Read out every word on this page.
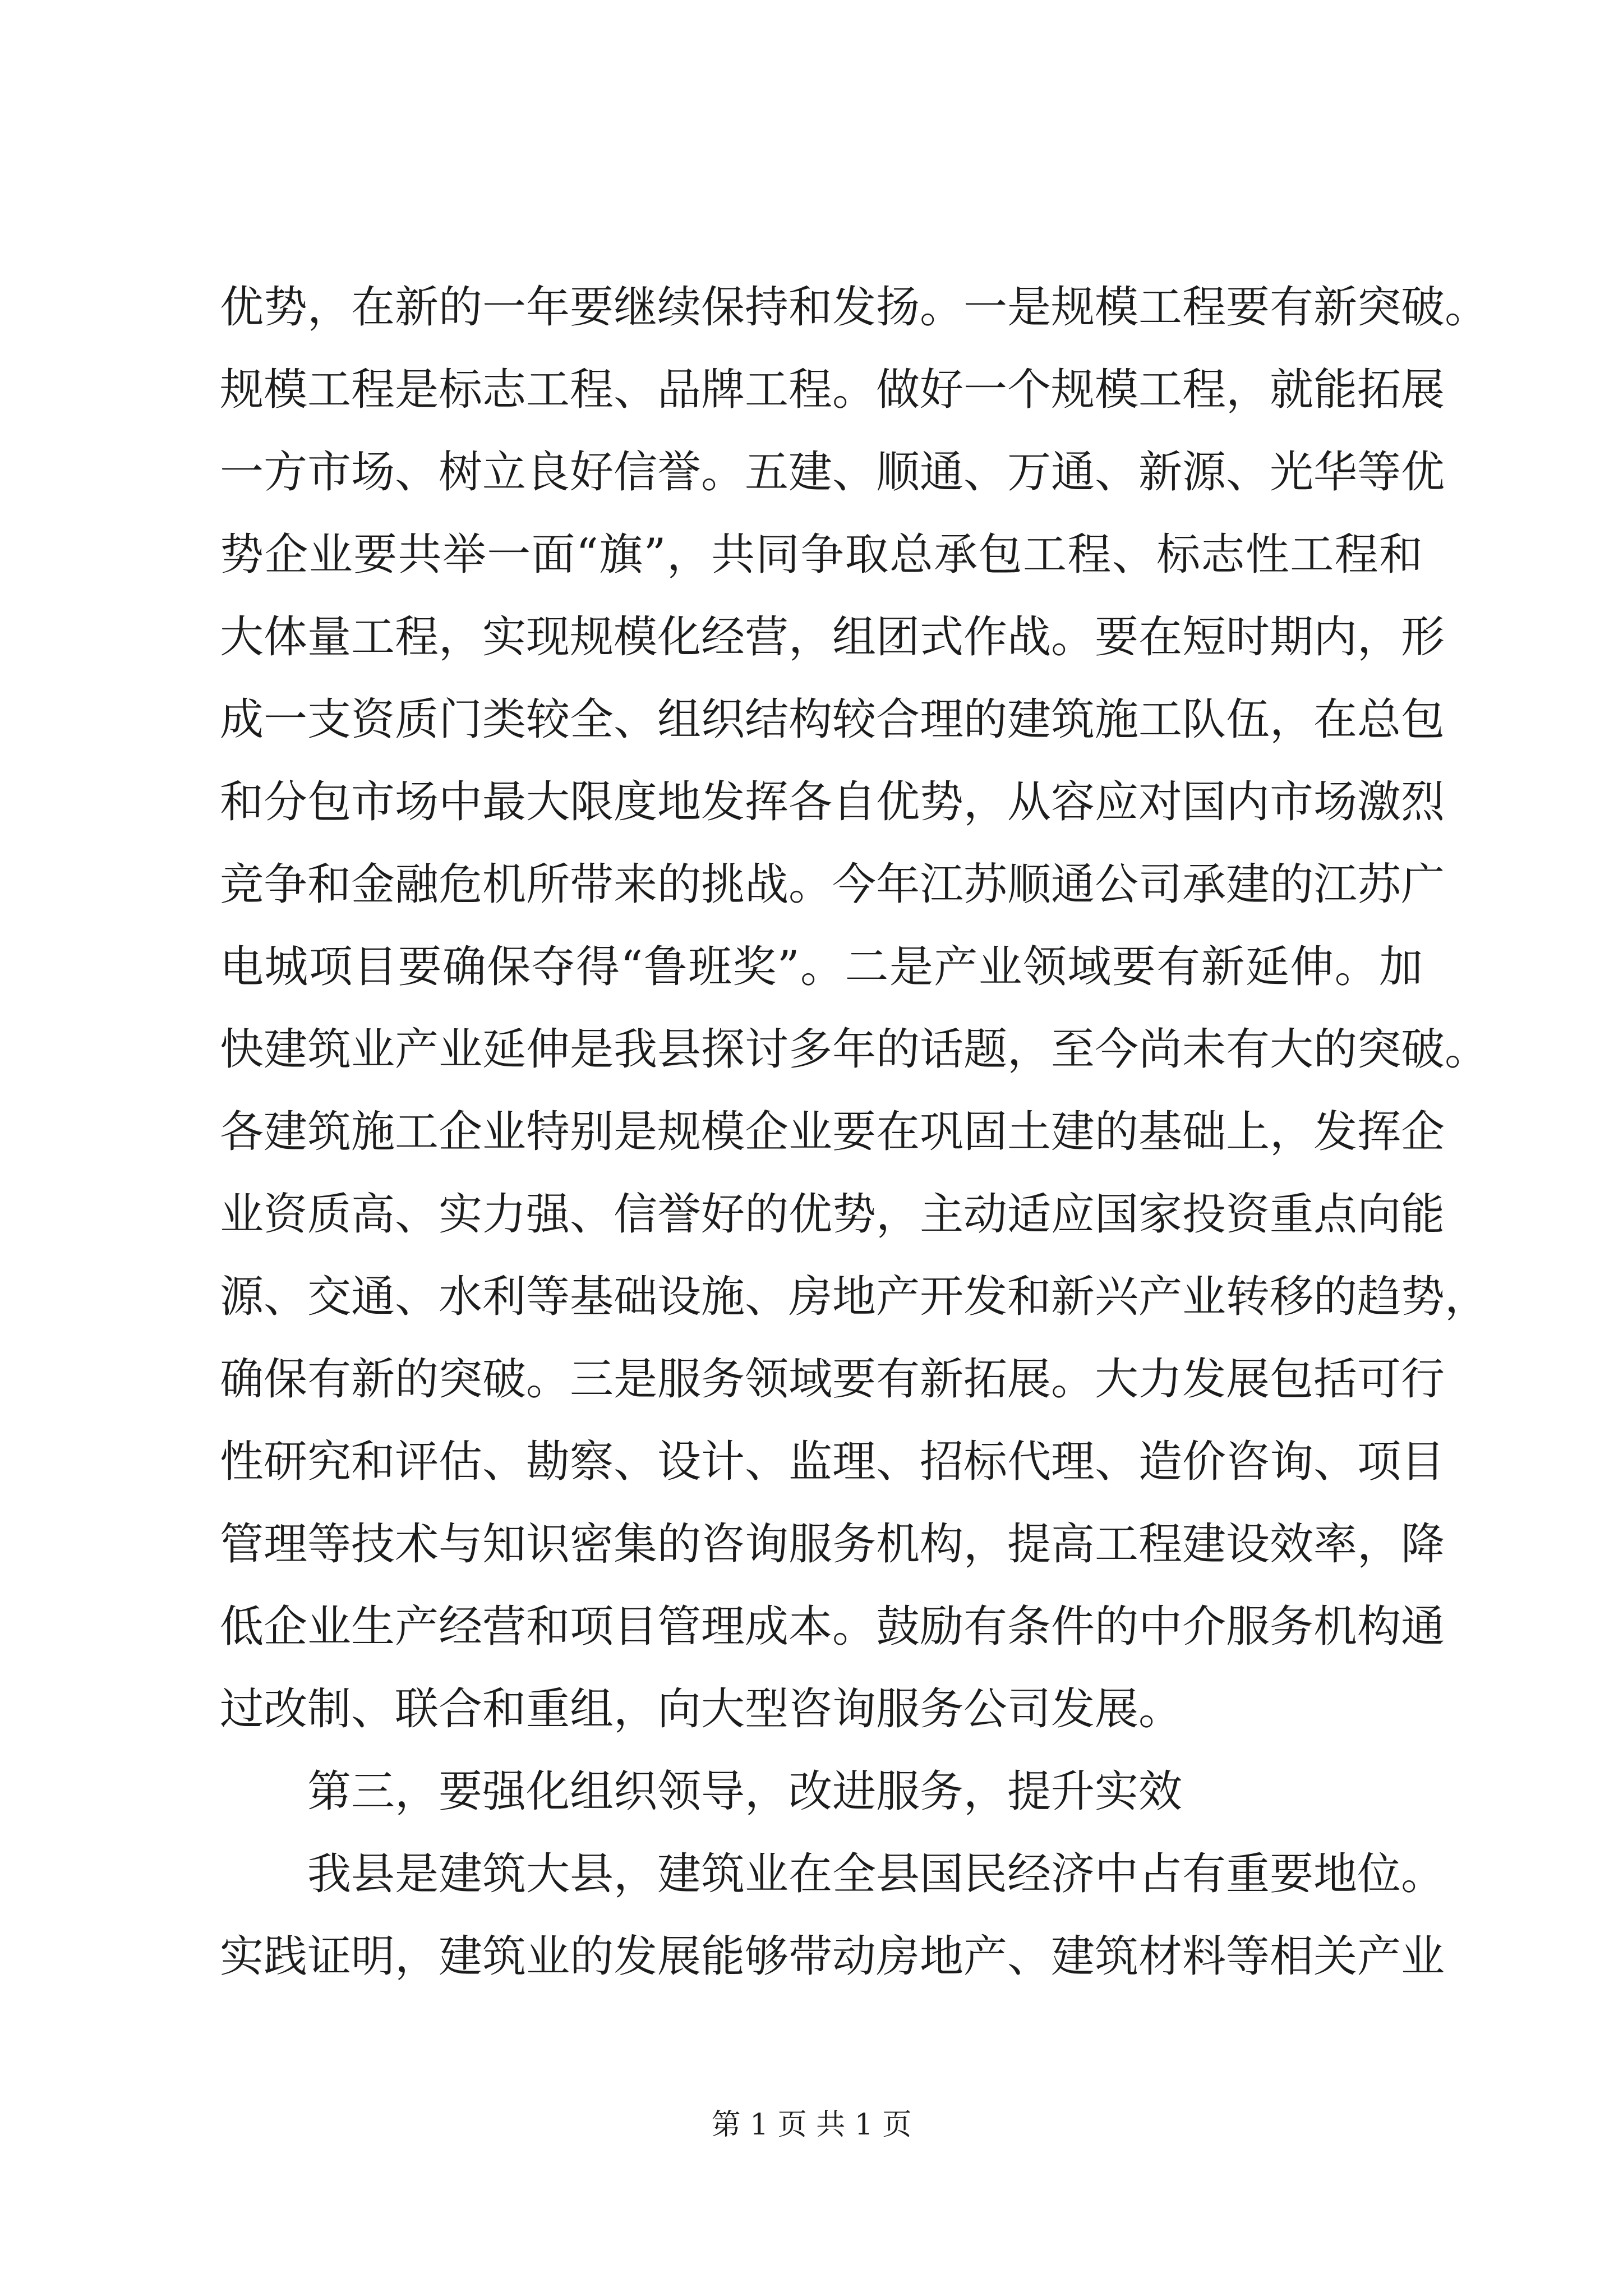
优势，在新的一年要继续保持和发扬。一是规模工程要有新突破。
规模工程是标志工程、品牌工程。做好一个规模工程，就能拓展
一方市场、树立良好信誉。五建、顺通、万通、新源、光华等优
势企业要共举一面“旗”，共同争取总承包工程、标志性工程和
大体量工程，实现规模化经营，组团式作战。要在短时期内，形
成一支资质门类较全、组织结构较合理的建筑施工队伍，在总包
和分包市场中最大限度地发挥各自优势，从容应对国内市场激烈
竞争和金融危机所带来的挑战。今年江苏顺通公司承建的江苏广
电城项目要确保夺得“鲁班奖”。二是产业领域要有新延伸。加
快建筑业产业延伸是我县探讨多年的话题，至今尚未有大的突破。
各建筑施工企业特别是规模企业要在巩固土建的基础上，发挥企
业资质高、实力强、信誉好的优势，主动适应国家投资重点向能
源、交通、水利等基础设施、房地产开发和新兴产业转移的趋势，
确保有新的突破。三是服务领域要有新拓展。大力发展包括可行
性研究和评估、勘察、设计、监理、招标代理、造价咨询、项目
管理等技术与知识密集的咨询服务机构，提高工程建设效率，降
低企业生产经营和项目管理成本。鼓励有条件的中介服务机构通
过改制、联合和重组，向大型咨询服务公司发展。
第三，要强化组织领导，改进服务，提升实效
我县是建筑大县，建筑业在全县国民经济中占有重要地位。
实践证明，建筑业的发展能够带动房地产、建筑材料等相关产业
第 1 页 共 1 页
